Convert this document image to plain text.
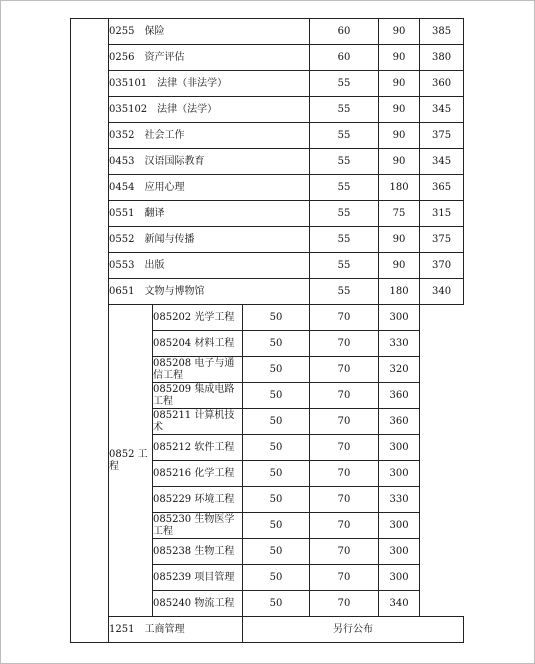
	0255　保险			60	90	385
	0256　资产评估			60	90	380
	035101　法律（非法学）			55	90	360
	035102　法律（法学）			55	90	345
	0352　社会工作			55	90	375
	0453　汉语国际教育			55	90	345
	0454　应用心理			55	180	365
	0551　翻译			55	75	315
	0552　新闻与传播			55	90	375
	0553　出版			55	90	370
	0651　文物与博物馆			55	180	340
	0852 工程	085202 光学工程	50	70	300	
		085204 材料工程	50	70	330	
		085208 电子与通信工程	50	70	320	
		085209 集成电路工程	50	70	360	
		085211 计算机技术	50	70	360	
		085212 软件工程	50	70	300	
		085216 化学工程	50	70	300	
		085229 环境工程	50	70	330	
		085230 生物医学工程	50	70	300	
		085238 生物工程	50	70	300	
		085239 项目管理	50	70	300	
		085240 物流工程	50	70	340	
	1251　工商管理		另行公布			
